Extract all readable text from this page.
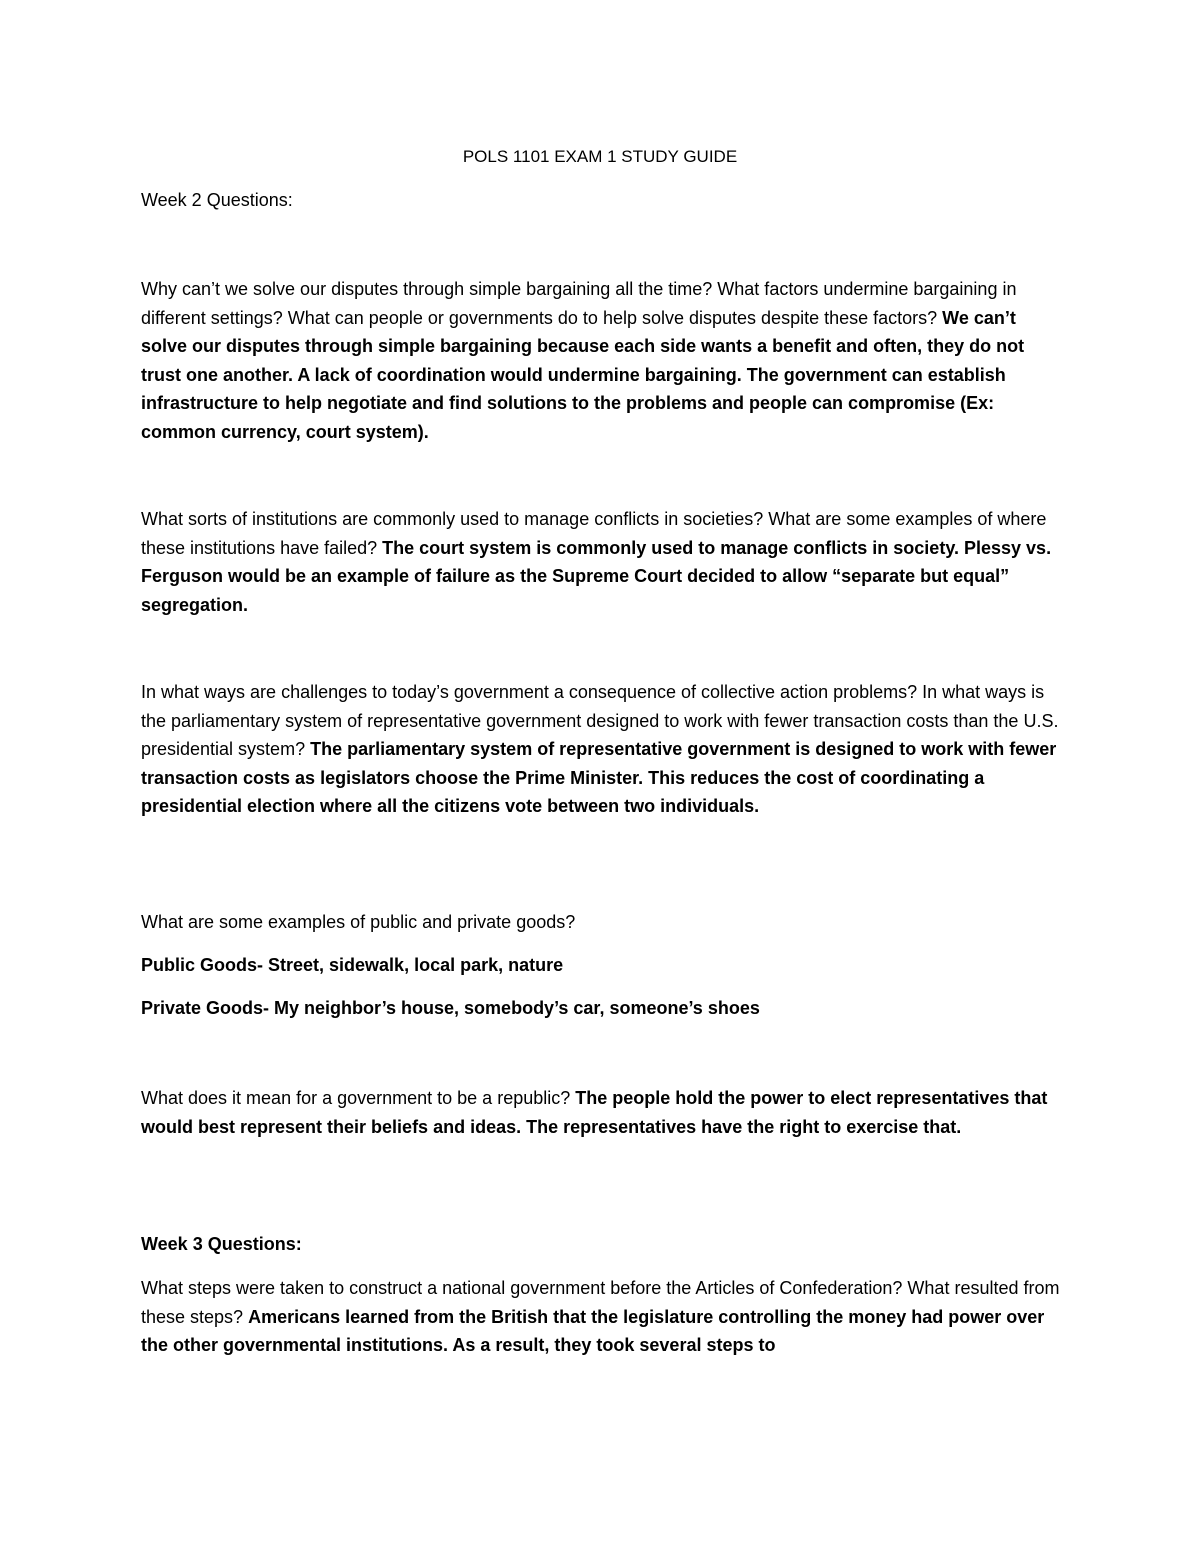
POLS 1101 EXAM 1 STUDY GUIDE

Week 2 Questions:

Why can’t we solve our disputes through simple bargaining all the time? What factors undermine bargaining in different settings? What can people or governments do to help solve disputes despite these factors? We can’t solve our disputes through simple bargaining because each side wants a benefit and often, they do not trust one another. A lack of coordination would undermine bargaining. The government can establish infrastructure to help negotiate and find solutions to the problems and people can compromise (Ex: common currency, court system).

What sorts of institutions are commonly used to manage conflicts in societies? What are some examples of where these institutions have failed? The court system is commonly used to manage conflicts in society. Plessy vs. Ferguson would be an example of failure as the Supreme Court decided to allow “separate but equal” segregation.

In what ways are challenges to today’s government a consequence of collective action problems? In what ways is the parliamentary system of representative government designed to work with fewer transaction costs than the U.S. presidential system? The parliamentary system of representative government is designed to work with fewer transaction costs as legislators choose the Prime Minister. This reduces the cost of coordinating a presidential election where all the citizens vote between two individuals.

What are some examples of public and private goods?

Public Goods- Street, sidewalk, local park, nature

Private Goods- My neighbor’s house, somebody’s car, someone’s shoes

What does it mean for a government to be a republic? The people hold the power to elect representatives that would best represent their beliefs and ideas. The representatives have the right to exercise that.

Week 3 Questions:

What steps were taken to construct a national government before the Articles of Confederation? What resulted from these steps? Americans learned from the British that the legislature controlling the money had power over the other governmental institutions. As a result, they took several steps to
